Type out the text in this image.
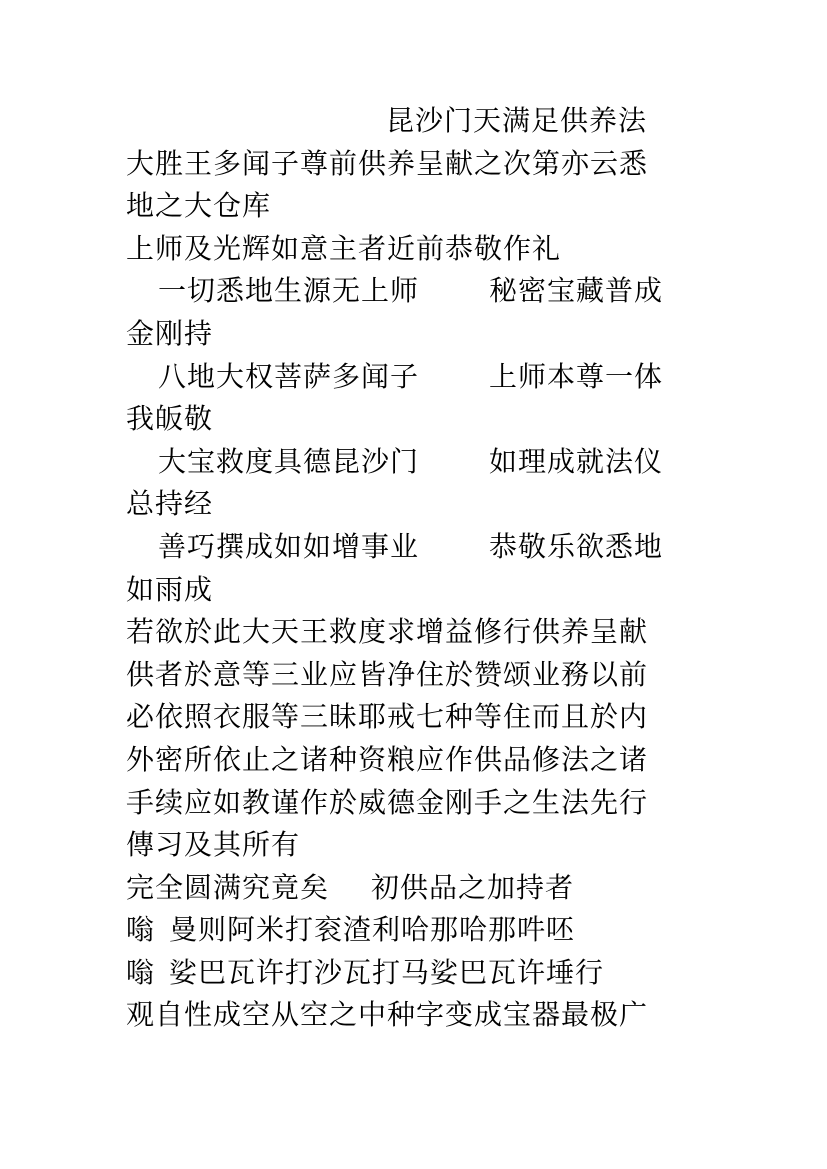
昆沙门天满足供养法
大胜王多闻子尊前供养呈献之次第亦云悉
地之大仓库
上师及光辉如意主者近前恭敬作礼
一切悉地生源无上师	秘密宝藏普成
金刚持
八地大权菩萨多闻子	上师本尊一体
我皈敬
大宝救度具德昆沙门	如理成就法仪
总持经
善巧撰成如如增事业	恭敬乐欲悉地
如雨成
若欲於此大天王救度求增益修行供养呈献
供者於意等三业应皆净住於赞颂业務以前
必依照衣服等三昧耶戒七种等住而且於内
外密所依止之诸种资粮应作供品修法之诸
手续应如教谨作於威德金刚手之生法先行
傳习及其所有
完全圆满究竟矣 初供品之加持者
嗡 曼则阿米打衮渣利哈那哈那吽呸
嗡 娑巴瓦许打沙瓦打马娑巴瓦许埵行
观自性成空从空之中种字变成宝器最极广
